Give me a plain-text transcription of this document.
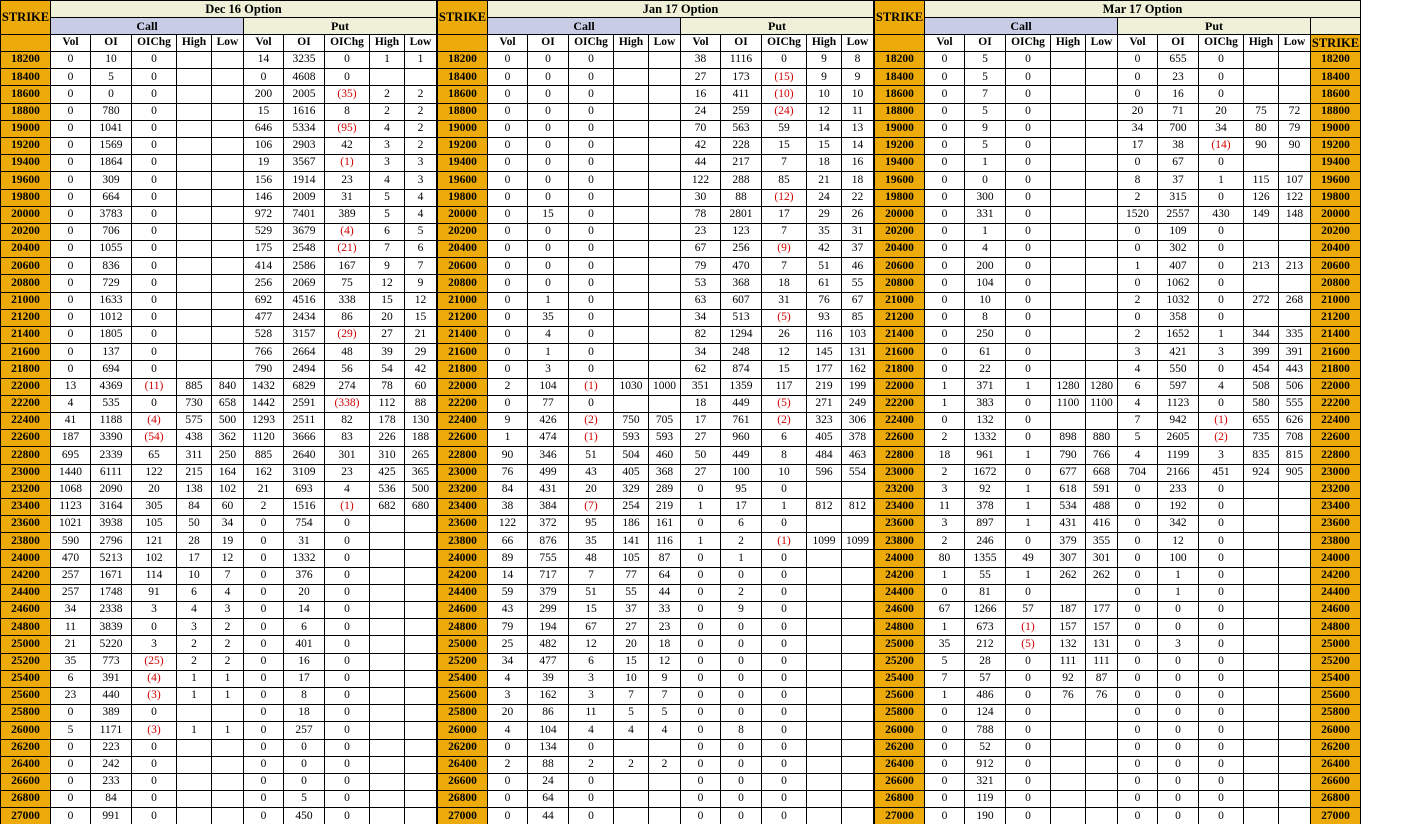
STRIKE	Dec 16 Option									
	Call					Put				
	Vol	OI	OIChg	High	Low	Vol	OI	OIChg	High	Low
18200	0	10	0			14	3235	0	1	1
18400	0	5	0			0	4608	0		
18600	0	0	0			200	2005	(35)	2	2
18800	0	780	0			15	1616	8	2	2
19000	0	1041	0			646	5334	(95)	4	2
19200	0	1569	0			106	2903	42	3	2
19400	0	1864	0			19	3567	(1)	3	3
19600	0	309	0			156	1914	23	4	3
19800	0	664	0			146	2009	31	5	4
20000	0	3783	0			972	7401	389	5	4
20200	0	706	0			529	3679	(4)	6	5
20400	0	1055	0			175	2548	(21)	7	6
20600	0	836	0			414	2586	167	9	7
20800	0	729	0			256	2069	75	12	9
21000	0	1633	0			692	4516	338	15	12
21200	0	1012	0			477	2434	86	20	15
21400	0	1805	0			528	3157	(29)	27	21
21600	0	137	0			766	2664	48	39	29
21800	0	694	0			790	2494	56	54	42
22000	13	4369	(11)	885	840	1432	6829	274	78	60
22200	4	535	0	730	658	1442	2591	(338)	112	88
22400	41	1188	(4)	575	500	1293	2511	82	178	130
22600	187	3390	(54)	438	362	1120	3666	83	226	188
22800	695	2339	65	311	250	885	2640	301	310	265
23000	1440	6111	122	215	164	162	3109	23	425	365
23200	1068	2090	20	138	102	21	693	4	536	500
23400	1123	3164	305	84	60	2	1516	(1)	682	680
23600	1021	3938	105	50	34	0	754	0		
23800	590	2796	121	28	19	0	31	0		
24000	470	5213	102	17	12	0	1332	0		
24200	257	1671	114	10	7	0	376	0		
24400	257	1748	91	6	4	0	20	0		
24600	34	2338	3	4	3	0	14	0		
24800	11	3839	0	3	2	0	6	0		
25000	21	5220	3	2	2	0	401	0		
25200	35	773	(25)	2	2	0	16	0		
25400	6	391	(4)	1	1	0	17	0		
25600	23	440	(3)	1	1	0	8	0		
25800	0	389	0			0	18	0		
26000	5	1171	(3)	1	1	0	257	0		
26200	0	223	0			0	0	0		
26400	0	242	0			0	0	0		
26600	0	233	0			0	0	0		
26800	0	84	0			0	5	0		
27000	0	991	0			0	450	0		
STRIKE	Jan 17 Option									
	Call					Put				
	Vol	OI	OIChg	High	Low	Vol	OI	OIChg	High	Low
18200	0	0	0			38	1116	0	9	8
18400	0	0	0			27	173	(15)	9	9
18600	0	0	0			16	411	(10)	10	10
18800	0	0	0			24	259	(24)	12	11
19000	0	0	0			70	563	59	14	13
19200	0	0	0			42	228	15	15	14
19400	0	0	0			44	217	7	18	16
19600	0	0	0			122	288	85	21	18
19800	0	0	0			30	88	(12)	24	22
20000	0	15	0			78	2801	17	29	26
20200	0	0	0			23	123	7	35	31
20400	0	0	0			67	256	(9)	42	37
20600	0	0	0			79	470	7	51	46
20800	0	0	0			53	368	18	61	55
21000	0	1	0			63	607	31	76	67
21200	0	35	0			34	513	(5)	93	85
21400	0	4	0			82	1294	26	116	103
21600	0	1	0			34	248	12	145	131
21800	0	3	0			62	874	15	177	162
22000	2	104	(1)	1030	1000	351	1359	117	219	199
22200	0	77	0			18	449	(5)	271	249
22400	9	426	(2)	750	705	17	761	(2)	323	306
22600	1	474	(1)	593	593	27	960	6	405	378
22800	90	346	51	504	460	50	449	8	484	463
23000	76	499	43	405	368	27	100	10	596	554
23200	84	431	20	329	289	0	95	0		
23400	38	384	(7)	254	219	1	17	1	812	812
23600	122	372	95	186	161	0	6	0		
23800	66	876	35	141	116	1	2	(1)	1099	1099
24000	89	755	48	105	87	0	1	0		
24200	14	717	7	77	64	0	0	0		
24400	59	379	51	55	44	0	2	0		
24600	43	299	15	37	33	0	9	0		
24800	79	194	67	27	23	0	0	0		
25000	25	482	12	20	18	0	0	0		
25200	34	477	6	15	12	0	0	0		
25400	4	39	3	10	9	0	0	0		
25600	3	162	3	7	7	0	0	0		
25800	20	86	11	5	5	0	0	0		
26000	4	104	4	4	4	0	8	0		
26200	0	134	0			0	0	0		
26400	2	88	2	2	2	0	0	0		
26600	0	24	0			0	0	0		
26800	0	64	0			0	0	0		
27000	0	44	0			0	0	0		
STRIKE	Mar 17 Option										
	Call					Put					
	Vol	OI	OIChg	High	Low	Vol	OI	OIChg	High	Low	STRIKE
18200	0	5	0			0	655	0			18200
18400	0	5	0			0	23	0			18400
18600	0	7	0			0	16	0			18600
18800	0	5	0			20	71	20	75	72	18800
19000	0	9	0			34	700	34	80	79	19000
19200	0	5	0			17	38	(14)	90	90	19200
19400	0	1	0			0	67	0			19400
19600	0	0	0			8	37	1	115	107	19600
19800	0	300	0			2	315	0	126	122	19800
20000	0	331	0			1520	2557	430	149	148	20000
20200	0	1	0			0	109	0			20200
20400	0	4	0			0	302	0			20400
20600	0	200	0			1	407	0	213	213	20600
20800	0	104	0			0	1062	0			20800
21000	0	10	0			2	1032	0	272	268	21000
21200	0	8	0			0	358	0			21200
21400	0	250	0			2	1652	1	344	335	21400
21600	0	61	0			3	421	3	399	391	21600
21800	0	22	0			4	550	0	454	443	21800
22000	1	371	1	1280	1280	6	597	4	508	506	22000
22200	1	383	0	1100	1100	4	1123	0	580	555	22200
22400	0	132	0			7	942	(1)	655	626	22400
22600	2	1332	0	898	880	5	2605	(2)	735	708	22600
22800	18	961	1	790	766	4	1199	3	835	815	22800
23000	2	1672	0	677	668	704	2166	451	924	905	23000
23200	3	92	1	618	591	0	233	0			23200
23400	11	378	1	534	488	0	192	0			23400
23600	3	897	1	431	416	0	342	0			23600
23800	2	246	0	379	355	0	12	0			23800
24000	80	1355	49	307	301	0	100	0			24000
24200	1	55	1	262	262	0	1	0			24200
24400	0	81	0			0	1	0			24400
24600	67	1266	57	187	177	0	0	0			24600
24800	1	673	(1)	157	157	0	0	0			24800
25000	35	212	(5)	132	131	0	3	0			25000
25200	5	28	0	111	111	0	0	0			25200
25400	7	57	0	92	87	0	0	0			25400
25600	1	486	0	76	76	0	0	0			25600
25800	0	124	0			0	0	0			25800
26000	0	788	0			0	0	0			26000
26200	0	52	0			0	0	0			26200
26400	0	912	0			0	0	0			26400
26600	0	321	0			0	0	0			26600
26800	0	119	0			0	0	0			26800
27000	0	190	0			0	0	0			27000
